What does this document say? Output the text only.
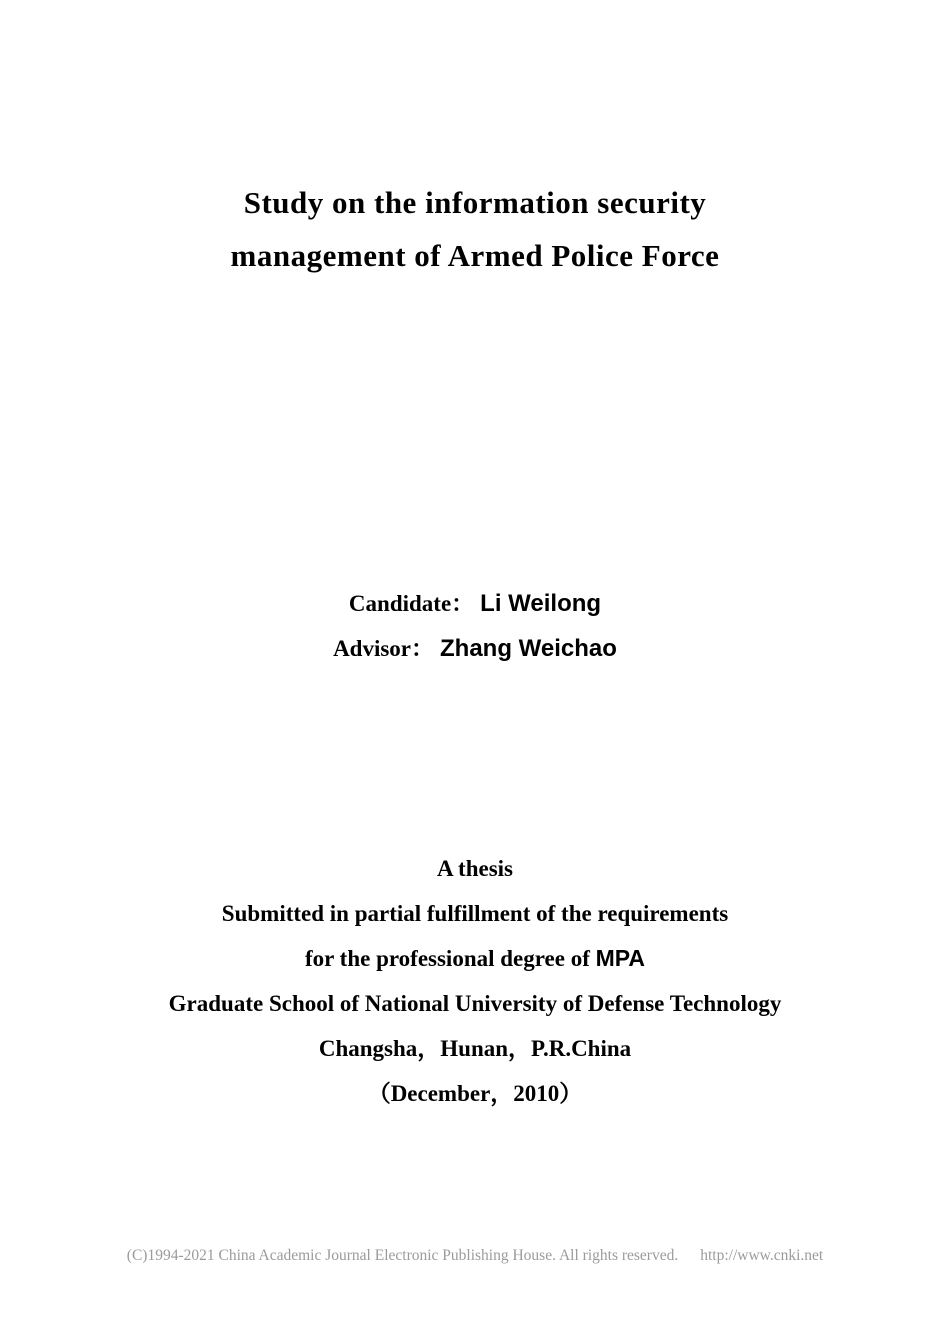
Study on the information security
management of Armed Police Force
Candidate： Li Weilong
Advisor： Zhang Weichao
A thesis
Submitted in partial fulfillment of the requirements
for the professional degree of MPA
Graduate School of National University of Defense Technology
Changsha，Hunan，P.R.China
（December，2010）
(C)1994-2021 China Academic Journal Electronic Publishing House. All rights reserved. http://www.cnki.net
